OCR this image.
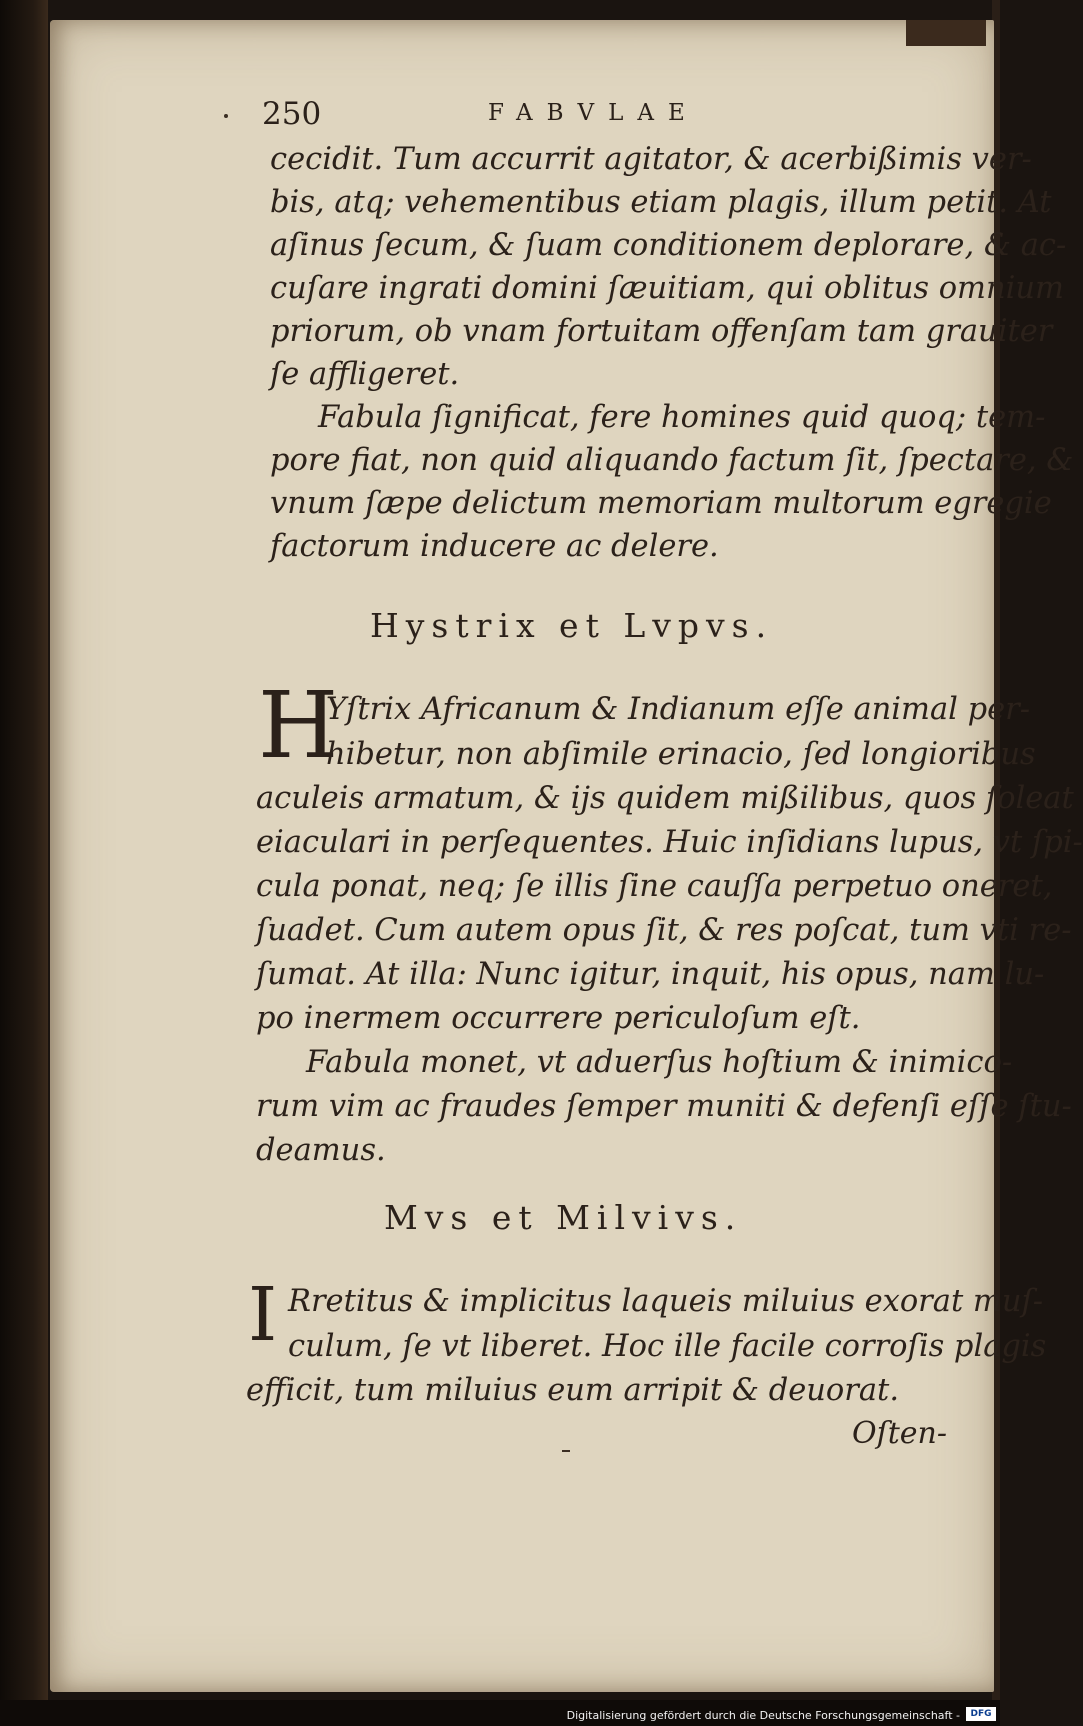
250	FABVLAE
cecidit. Tum accurrit agitator, & acerbißimis ver-
bis, atq; vehementibus etiam plagis, illum petit. At
aſinus ſecum, & ſuam conditionem deplorare, & ac-
cuſare ingrati domini ſæuitiam, qui oblitus omnium
priorum, ob vnam fortuitam offenſam tam grauiter
ſe affligeret.
Fabula ſignificat, fere homines quid quoq; tem-
pore fiat, non quid aliquando factum ſit, ſpectare, &
vnum ſæpe delictum memoriam multorum egregie
factorum inducere ac delere.
Hystrix et Lvpvs.
H
Yſtrix Africanum & Indianum eſſe animal per-
hibetur, non abſimile erinacio, ſed longioribus
aculeis armatum, & ijs quidem mißilibus, quos ſoleat
eiaculari in perſequentes. Huic inſidians lupus, vt ſpi-
cula ponat, neq; ſe illis ſine cauſſa perpetuo oneret,
ſuadet. Cum autem opus ſit, & res poſcat, tum vti re-
ſumat. At illa: Nunc igitur, inquit, his opus, nam lu-
po inermem occurrere periculoſum eſt.
Fabula monet, vt aduerſus hoſtium & inimico-
rum vim ac fraudes ſemper muniti & defenſi eſſe ſtu-
deamus.
Mvs et Milvivs.
I Rretitus & implicitus laqueis miluius exorat muſ-
culum, ſe vt liberet. Hoc ille facile corroſis plagis
efficit, tum miluius eum arripit & deuorat.
Oſten-
Digitalisierung gefördert durch die Deutsche Forschungsgemeinschaft -	DFG
